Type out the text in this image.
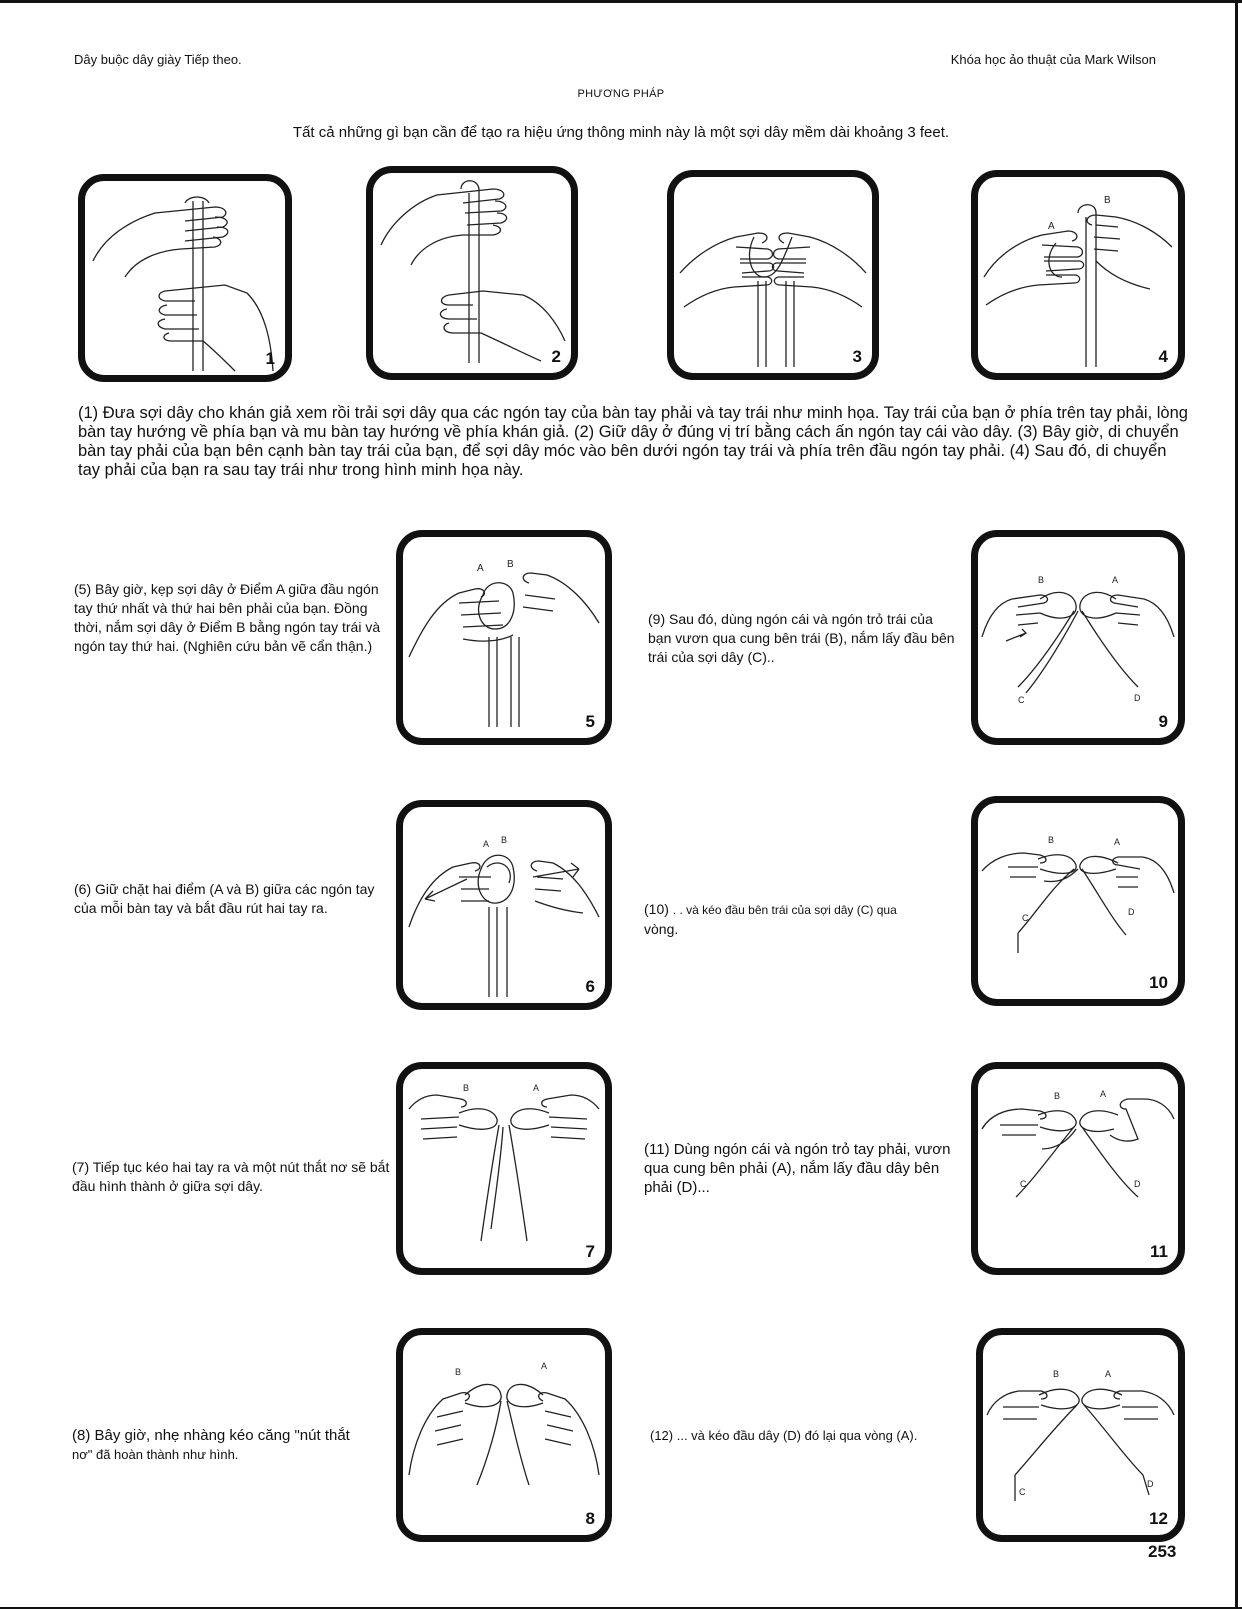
Dây buộc dây giày Tiếp theo.	Khóa học ảo thuật của Mark Wilson
PHƯƠNG PHÁP
Tất cả những gì bạn cần để tạo ra hiệu ứng thông minh này là một sợi dây mềm dài khoảng 3 feet.
1	2	3
A
B
4
(1) Đưa sợi dây cho khán giả xem rồi trải sợi dây qua các ngón tay của bàn tay phải và tay trái như minh họa. Tay trái của bạn ở phía trên tay phải, lòng bàn tay hướng về phía bạn và mu bàn tay hướng về phía khán giả. (2) Giữ dây ở đúng vị trí bằng cách ấn ngón tay cái vào dây. (3) Bây giờ, di chuyển bàn tay phải của bạn bên cạnh bàn tay trái của bạn, để sợi dây móc vào bên dưới ngón tay trái và phía trên đầu ngón tay phải. (4) Sau đó, di chuyển tay phải của bạn ra sau tay trái như trong hình minh họa này.
A B
5
(5) Bây giờ, kẹp sợi dây ở Điểm A giữa đầu ngón tay thứ nhất và thứ hai bên phải của bạn. Đồng thời, nắm sợi dây ở Điểm B bằng ngón tay trái và ngón tay thứ hai. (Nghiên cứu bản vẽ cẩn thận.)
B	A
C	D
9
(9) Sau đó, dùng ngón cái và ngón trỏ trái của bạn vươn qua cung bên trái (B), nắm lấy đầu bên trái của sợi dây (C)..
A B
6
(6) Giữ chặt hai điểm (A và B) giữa các ngón tay của mỗi bàn tay và bắt đầu rút hai tay ra.
B	A
C
D
10
(10) . . và kéo đầu bên trái của sợi dây (C) qua
vòng.
B	A
7
(7) Tiếp tục kéo hai tay ra và một nút thắt nơ sẽ bắt đầu hình thành ở giữa sợi dây.
B	A
C	D
11
(11) Dùng ngón cái và ngón trỏ tay phải, vươn qua cung bên phải (A), nắm lấy đầu dây bên phải (D)...
B
A
8
(8) Bây giờ, nhẹ nhàng kéo căng "nút thắt
nơ" đã hoàn thành như hình.
B	A
C
D
12
(12) ... và kéo đầu dây (D) đó lại qua vòng (A).
253
